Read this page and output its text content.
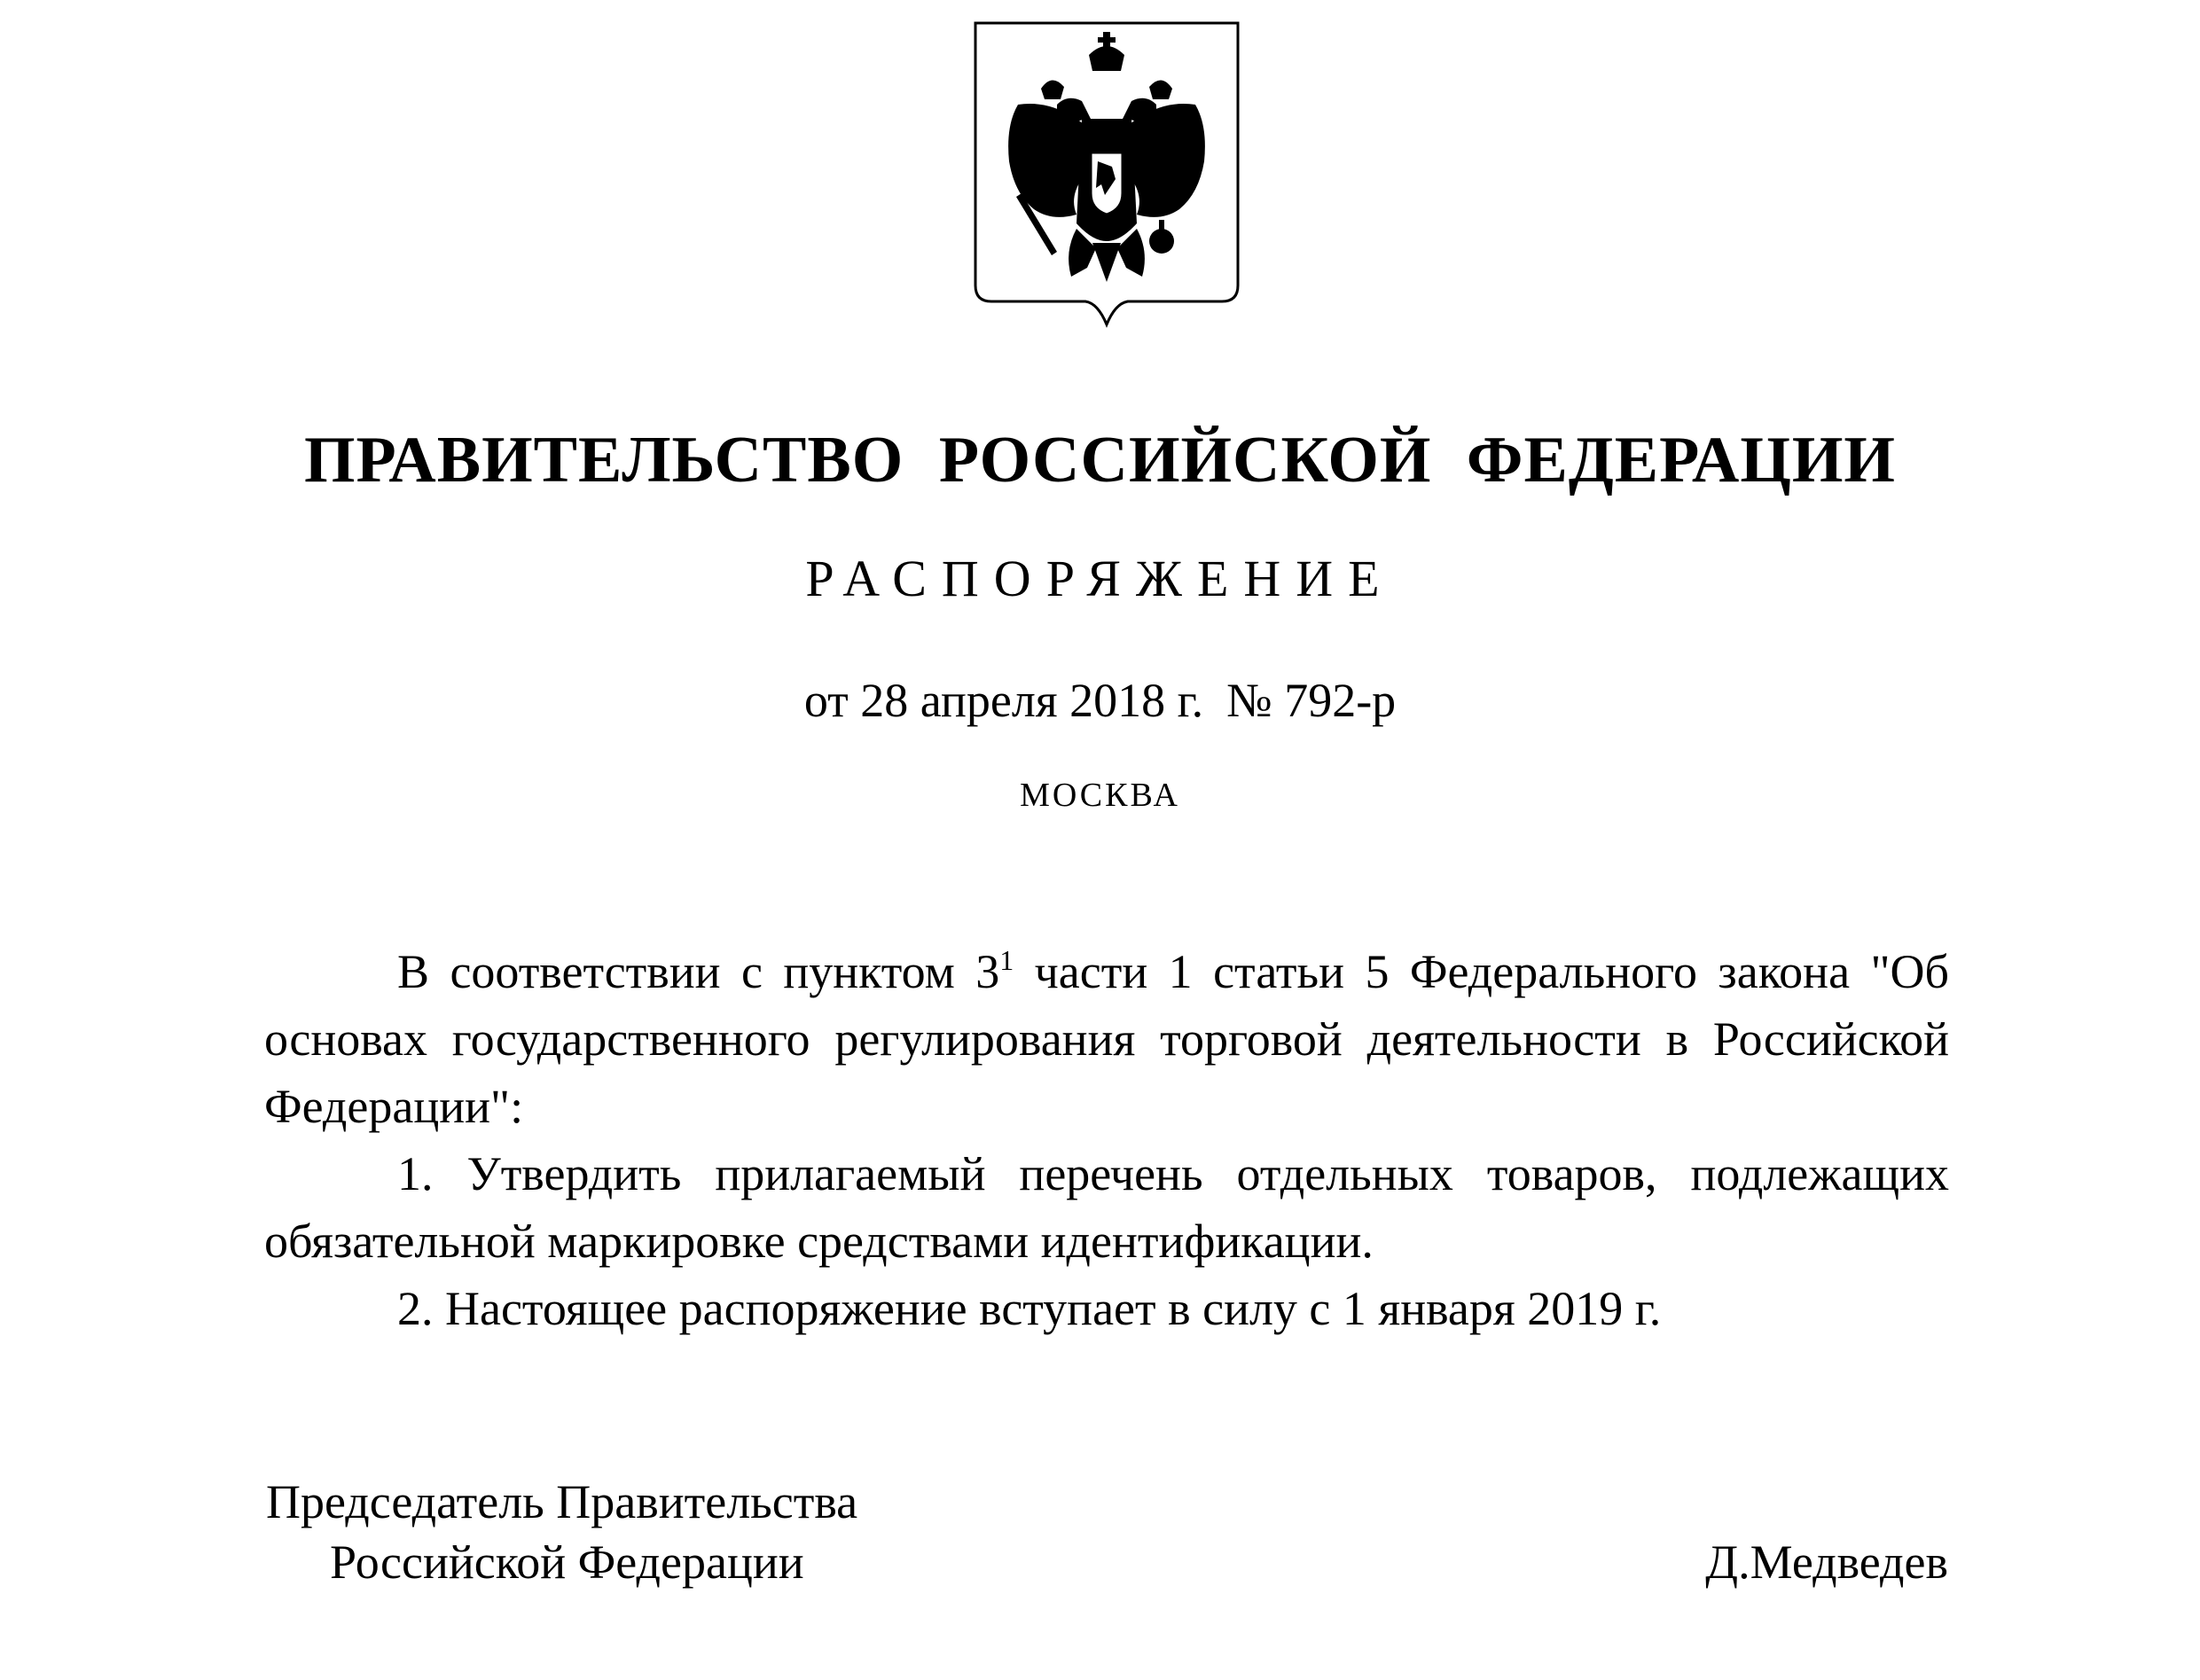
ПРАВИТЕЛЬСТВО РОССИЙСКОЙ ФЕДЕРАЦИИ
РАСПОРЯЖЕНИЕ
от 28 апреля 2018 г. № 792-р
МОСКВА

В соответствии с пунктом $3^1$ части 1 статьи 5 Федерального закона "Об основах государственного регулирования торговой деятельности в Российской Федерации":

1. Утвердить прилагаемый перечень отдельных товаров, подлежащих обязательной маркировке средствами идентификации.

2. Настоящее распоряжение вступает в силу с 1 января 2019 г.

Председатель Правительства
Российской Федерации	Д.Медведев
